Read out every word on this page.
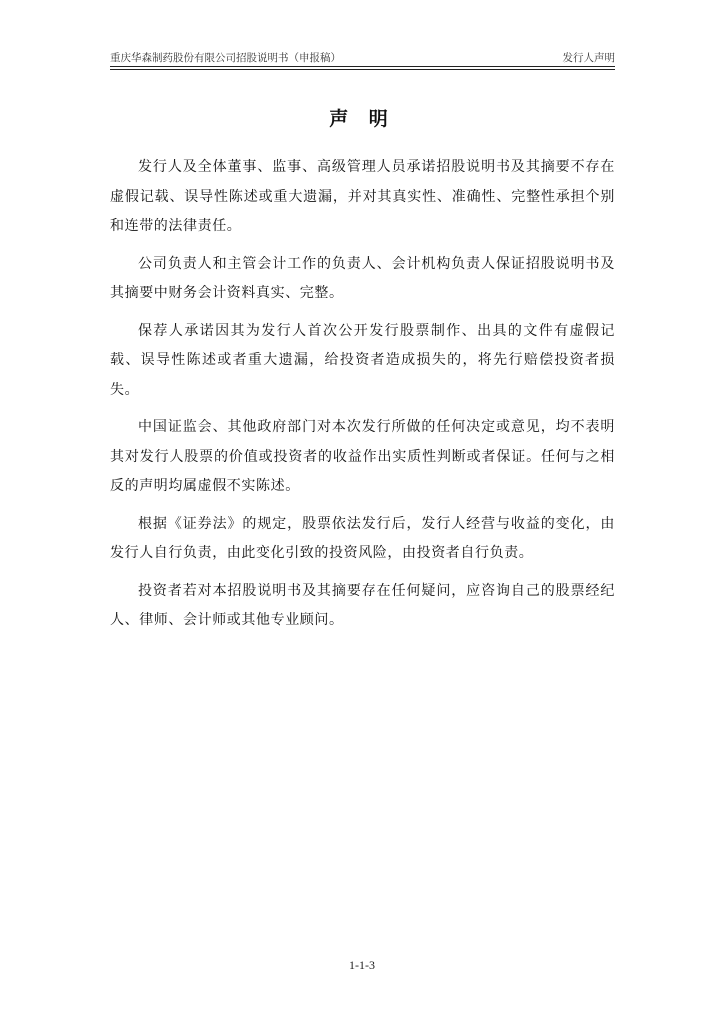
重庆华森制药股份有限公司招股说明书（申报稿）	发行人声明
声 明

发行人及全体董事、监事、高级管理人员承诺招股说明书及其摘要不存在虚假记载、误导性陈述或重大遗漏，并对其真实性、准确性、完整性承担个别和连带的法律责任。

公司负责人和主管会计工作的负责人、会计机构负责人保证招股说明书及其摘要中财务会计资料真实、完整。

保荐人承诺因其为发行人首次公开发行股票制作、出具的文件有虚假记载、误导性陈述或者重大遗漏，给投资者造成损失的，将先行赔偿投资者损失。

中国证监会、其他政府部门对本次发行所做的任何决定或意见，均不表明其对发行人股票的价值或投资者的收益作出实质性判断或者保证。任何与之相反的声明均属虚假不实陈述。

根据《证券法》的规定，股票依法发行后，发行人经营与收益的变化，由发行人自行负责，由此变化引致的投资风险，由投资者自行负责。

投资者若对本招股说明书及其摘要存在任何疑问，应咨询自己的股票经纪人、律师、会计师或其他专业顾问。

1-1-3
